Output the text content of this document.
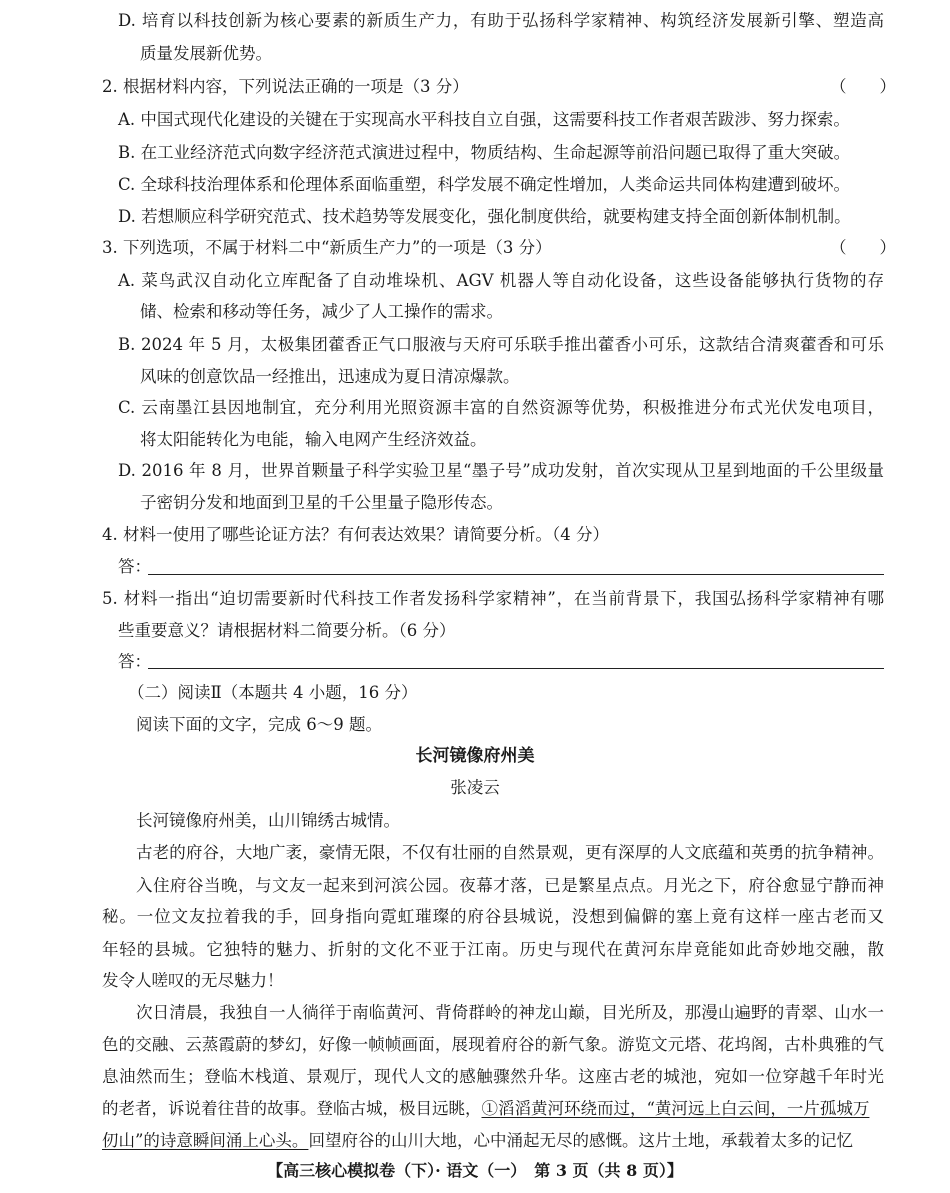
D. 培育以科技创新为核心要素的新质生产力，有助于弘扬科学家精神、构筑经济发展新引擎、塑造高
质量发展新优势。
2. 根据材料内容，下列说法正确的一项是（3 分）	（　　）
A. 中国式现代化建设的关键在于实现高水平科技自立自强，这需要科技工作者艰苦跋涉、努力探索。
B. 在工业经济范式向数字经济范式演进过程中，物质结构、生命起源等前沿问题已取得了重大突破。
C. 全球科技治理体系和伦理体系面临重塑，科学发展不确定性增加，人类命运共同体构建遭到破坏。
D. 若想顺应科学研究范式、技术趋势等发展变化，强化制度供给，就要构建支持全面创新体制机制。
3. 下列选项，不属于材料二中“新质生产力”的一项是（3 分）	（　　）
A. 菜鸟武汉自动化立库配备了自动堆垛机、AGV 机器人等自动化设备，这些设备能够执行货物的存
储、检索和移动等任务，减少了人工操作的需求。
B. 2024 年 5 月，太极集团藿香正气口服液与天府可乐联手推出藿香小可乐，这款结合清爽藿香和可乐
风味的创意饮品一经推出，迅速成为夏日清凉爆款。
C. 云南墨江县因地制宜，充分利用光照资源丰富的自然资源等优势，积极推进分布式光伏发电项目，
将太阳能转化为电能，输入电网产生经济效益。
D. 2016 年 8 月，世界首颗量子科学实验卫星“墨子号”成功发射，首次实现从卫星到地面的千公里级量
子密钥分发和地面到卫星的千公里量子隐形传态。
4. 材料一使用了哪些论证方法？有何表达效果？请简要分析。（4 分）
答：
5. 材料一指出“迫切需要新时代科技工作者发扬科学家精神”，在当前背景下，我国弘扬科学家精神有哪
些重要意义？请根据材料二简要分析。（6 分）
答：
（二）阅读Ⅱ（本题共 4 小题，16 分）
阅读下面的文字，完成 6～9 题。
长河镜像府州美
张凌云
长河镜像府州美，山川锦绣古城情。
古老的府谷，大地广袤，豪情无限，不仅有壮丽的自然景观，更有深厚的人文底蕴和英勇的抗争精神。
入住府谷当晚，与文友一起来到河滨公园。夜幕才落，已是繁星点点。月光之下，府谷愈显宁静而神
秘。一位文友拉着我的手，回身指向霓虹璀璨的府谷县城说，没想到偏僻的塞上竟有这样一座古老而又
年轻的县城。它独特的魅力、折射的文化不亚于江南。历史与现代在黄河东岸竟能如此奇妙地交融，散
发令人嗟叹的无尽魅力！
次日清晨，我独自一人徜徉于南临黄河、背倚群岭的神龙山巅，目光所及，那漫山遍野的青翠、山水一
色的交融、云蒸霞蔚的梦幻，好像一帧帧画面，展现着府谷的新气象。游览文元塔、花坞阁，古朴典雅的气
息油然而生；登临木栈道、景观厅，现代人文的感触骤然升华。这座古老的城池，宛如一位穿越千年时光
的老者，诉说着往昔的故事。登临古城，极目远眺，①滔滔黄河环绕而过，“黄河远上白云间，一片孤城万
仞山”的诗意瞬间涌上心头。回望府谷的山川大地，心中涌起无尽的感慨。这片土地，承载着太多的记忆
【高三核心模拟卷（下）· 语文（一）　第 3 页（共 8 页）】
